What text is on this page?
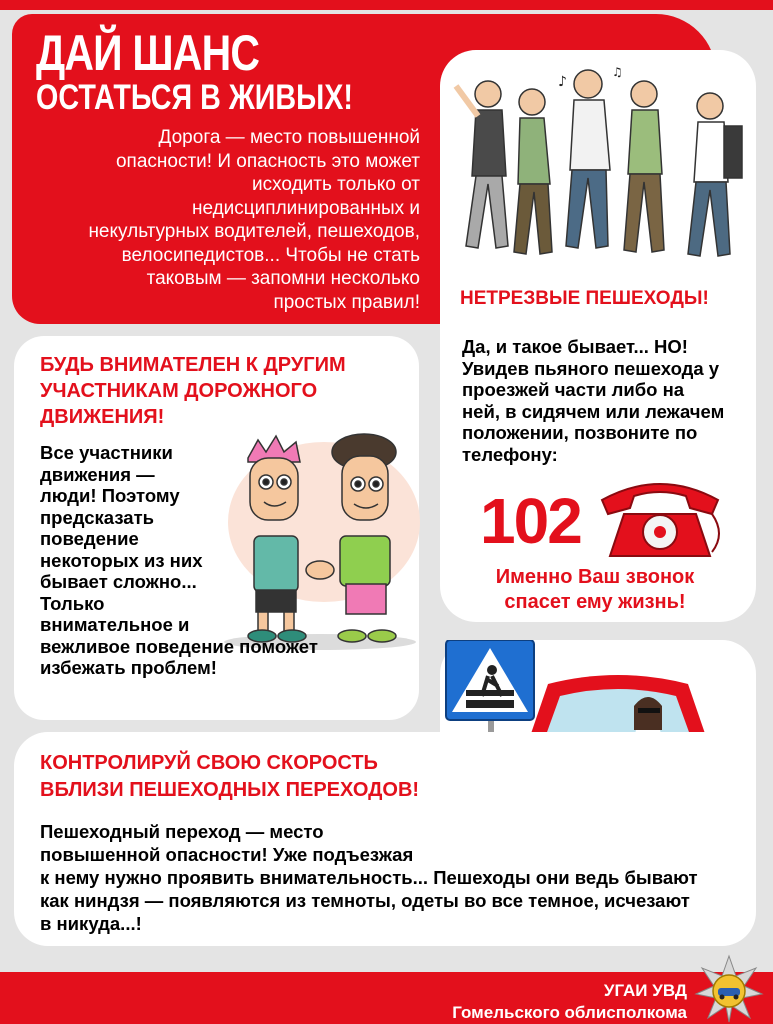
ДАЙ ШАНС
ОСТАТЬСЯ В ЖИВЫХ!
Дорога — место повышенной
опасности! И опасность это может
исходить только от
недисциплинированных и
некультурных водителей, пешеходов,
велосипедистов... Чтобы не стать
таковым — запомни несколько
простых правил!
♪
♫
НЕТРЕЗВЫЕ ПЕШЕХОДЫ!
Да, и такое бывает... НО!
Увидев пьяного пешехода у
проезжей части либо на
ней, в сидячем или лежачем
положении, позвоните по
телефону:
102
Именно Ваш звонок
спасет ему жизнь!
БУДЬ ВНИМАТЕЛЕН К ДРУГИМ
УЧАСТНИКАМ ДОРОЖНОГО
ДВИЖЕНИЯ!
Все участники
движения —
люди! Поэтому
предсказать
поведение
некоторых из них
бывает сложно...
Только
внимательное и
вежливое поведение поможет
избежать проблем!
КОНТРОЛИРУЙ СВОЮ СКОРОСТЬ
ВБЛИЗИ ПЕШЕХОДНЫХ ПЕРЕХОДОВ!
Пешеходный переход — место
повышенной опасности! Уже подъезжая
к нему нужно проявить внимательность... Пешеходы они ведь бывают
как ниндзя — появляются из темноты, одеты во все темное, исчезают
в никуда...!
УГАИ УВД
Гомельского облисполкома
